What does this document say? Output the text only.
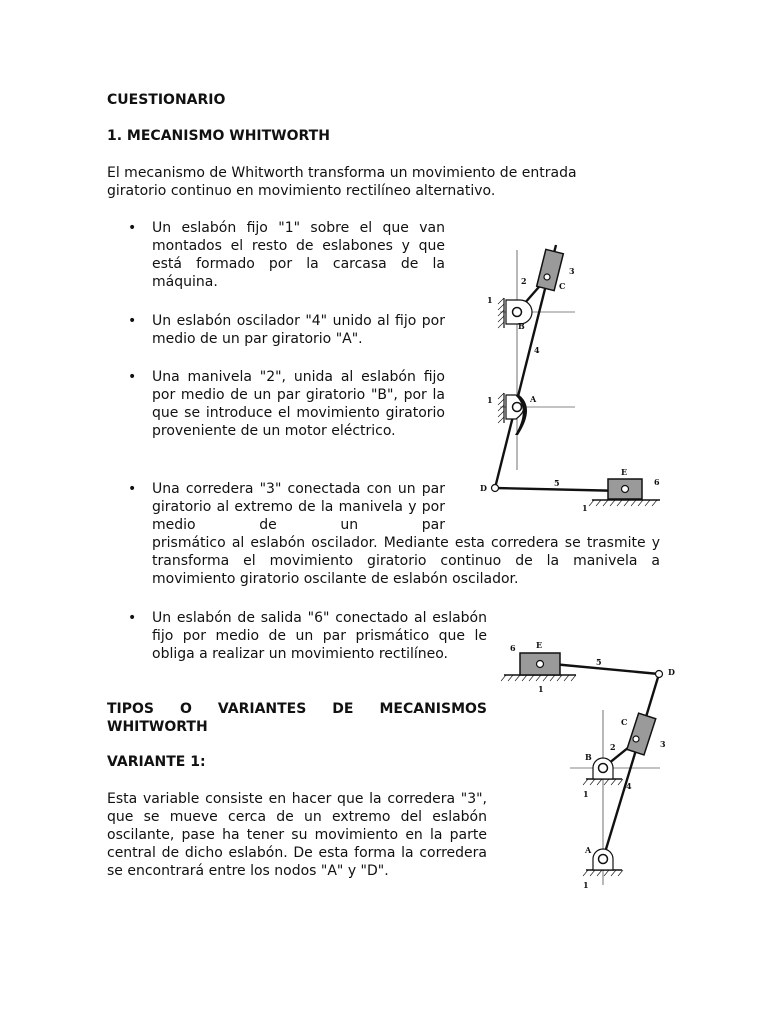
CUESTIONARIO

1. MECANISMO WHITWORTH

El mecanismo de Whitworth transforma un movimiento de entrada giratorio continuo en movimiento rectilíneo alternativo.

• Un eslabón fijo "1" sobre el que van montados el resto de eslabones y que está formado por la carcasa de la máquina.

• Un eslabón oscilador "4" unido al fijo por medio de un par giratorio "A".

• Una manivela "2", unida al eslabón fijo por medio de un par giratorio "B", por la que se introduce el movimiento giratorio proveniente de un motor eléctrico.

• Una corredera "3" conectada con un par giratorio al extremo de la manivela y por medio de un par

prismático al eslabón oscilador. Mediante esta corredera se trasmite y transforma el movimiento giratorio continuo de la manivela a movimiento giratorio oscilante de eslabón oscilador.

• Un eslabón de salida "6" conectado al eslabón fijo por medio de un par prismático que le obliga a realizar un movimiento rectilíneo.

TIPOS O VARIANTES DE MECANISMOS WHITWORTH

VARIANTE 1:

Esta variable consiste en hacer que la corredera "3", que se mueve cerca de un extremo del eslabón oscilante, pase ha tener su movimiento en la parte central de dicho eslabón. De esta forma la corredera se encontrará entre los nodos "A" y "D".

1
1
1
2
3
4
5	6
A
B
C
D
E
6	E
5
D
1
C
2	3
B
4
1
A
1
